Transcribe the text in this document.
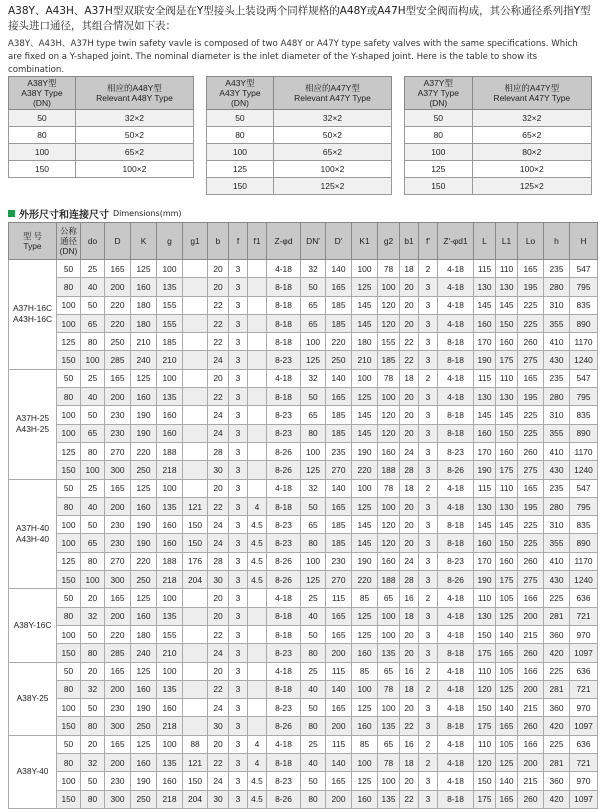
A38Y、A43H、A37H型双联安全阀是在Y型接头上装设两个同样规格的A48Y或A47H型安全阀而构成，其公称通径系列指Y型接头进口通径，其组合情况如下表：
A38Y、A43H、A37H type twin safety vavle is composed of two A48Y or A47Y type safety valves with the same specifications. Which are fixed on a Y-shaped joint. The nominal diameter is the inlet diameter of the Y-shaped joint. Here is the table to show its combination.
A38Y型
A38Y Type
(DN)	相应的A48Y型
Relevant A48Y Type
50	32×2
80	50×2
100	65×2
150	100×2
A43Y型
A43Y Type
(DN)	相应的A47Y型
Relevant A47Y Type
50	32×2
80	50×2
100	65×2
125	100×2
150	125×2
A37Y型
A37Y Type
(DN)	相应的A47Y型
Relevant A47Y Type
50	32×2
80	65×2
100	80×2
125	100×2
150	125×2
外形尺寸和连接尺寸 Dimensions(mm)
型 号
Type	公称
通径
(DN)	do	D	K	g	g1	b	f	f1	Z-φd	DN'	D'	K1	g2	b1	f'	Z'-φd1	L	L1	Lo	h	H
A37H-16C
A43H-16C	50	25	165	125	100		20	3		4-18	32	140	100	78	18	2	4-18	115	110	165	235	547
	80	40	200	160	135		20	3		8-18	50	165	125	100	20	3	4-18	130	130	195	280	795
	100	50	220	180	155		22	3		8-18	65	185	145	120	20	3	4-18	145	145	225	310	835
	100	65	220	180	155		22	3		8-18	65	185	145	120	20	3	4-18	160	150	225	355	890
	125	80	250	210	185		22	3		8-18	100	220	180	155	22	3	8-18	170	160	260	410	1170
	150	100	285	240	210		24	3		8-23	125	250	210	185	22	3	8-18	190	175	275	430	1240
A37H-25
A43H-25	50	25	165	125	100		20	3		4-18	32	140	100	78	18	2	4-18	115	110	165	235	547
	80	40	200	160	135		22	3		8-18	50	165	125	100	20	3	4-18	130	130	195	280	795
	100	50	230	190	160		24	3		8-23	65	185	145	120	20	3	8-18	145	145	225	310	835
	100	65	230	190	160		24	3		8-23	80	185	145	120	20	3	8-18	160	150	225	355	890
	125	80	270	220	188		28	3		8-26	100	235	190	160	24	3	8-23	170	160	260	410	1170
	150	100	300	250	218		30	3		8-26	125	270	220	188	28	3	8-26	190	175	275	430	1240
A37H-40
A43H-40	50	25	165	125	100		20	3		4-18	32	140	100	78	18	2	4-18	115	110	165	235	547
	80	40	200	160	135	121	22	3	4	8-18	50	165	125	100	20	3	4-18	130	130	195	280	795
	100	50	230	190	160	150	24	3	4.5	8-23	65	185	145	120	20	3	8-18	145	145	225	310	835
	100	65	230	190	160	150	24	3	4.5	8-23	80	185	145	120	20	3	8-18	160	150	225	355	890
	125	80	270	220	188	176	28	3	4.5	8-26	100	230	190	160	24	3	8-23	170	160	260	410	1170
	150	100	300	250	218	204	30	3	4.5	8-26	125	270	220	188	28	3	8-26	190	175	275	430	1240
A38Y-16C	50	20	165	125	100		20	3		4-18	25	115	85	65	16	2	4-18	110	105	166	225	636
	80	32	200	160	135		20	3		8-18	40	165	125	100	18	3	4-18	130	125	200	281	721
	100	50	220	180	155		22	3		8-18	50	165	125	100	20	3	4-18	150	140	215	360	970
	150	80	285	240	210		24	3		8-23	80	200	160	135	20	3	8-18	175	165	260	420	1097
A38Y-25	50	20	165	125	100		20	3		4-18	25	115	85	65	16	2	4-18	110	105	166	225	636
	80	32	200	160	135		22	3		8-18	40	140	100	78	18	2	4-18	120	125	200	281	721
	100	50	230	190	160		24	3		8-23	50	165	125	100	20	3	4-18	150	140	215	360	970
	150	80	300	250	218		30	3		8-26	80	200	160	135	22	3	8-18	175	165	260	420	1097
A38Y-40	50	20	165	125	100	88	20	3	4	4-18	25	115	85	65	16	2	4-18	110	105	166	225	636
	80	32	200	160	135	121	22	3	4	8-18	40	140	100	78	18	2	4-18	120	125	200	281	721
	100	50	230	190	160	150	24	3	4.5	8-23	50	165	125	100	20	3	4-18	150	140	215	360	970
	150	80	300	250	218	204	30	3	4.5	8-26	80	200	160	135	22	3	8-18	175	165	260	420	1097
